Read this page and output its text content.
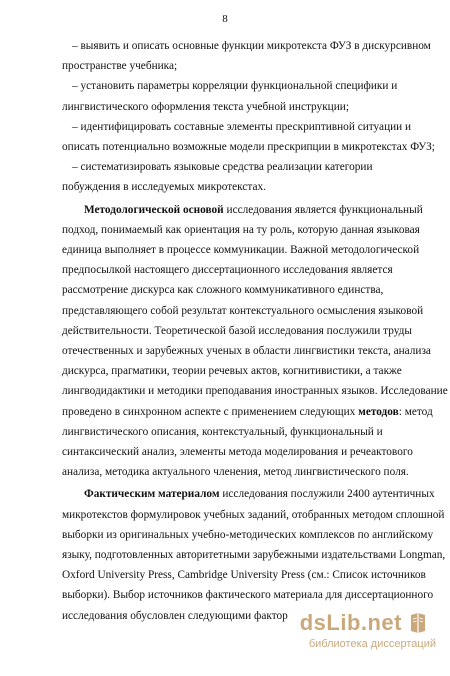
8

– выявить и описать основные функции микротекста ФУЗ в дискурсивном
пространстве учебника;

– установить параметры корреляции функциональной специфики и
лингвистического оформления текста учебной инструкции;

– идентифицировать составные элементы прескриптивной ситуации и
описать потенциально возможные модели прескрипции в микротекстах ФУЗ;

– систематизировать языковые средства реализации категории
побуждения в исследуемых микротекстах.

Методологической основой исследования является функциональный
подход, понимаемый как ориентация на ту роль, которую данная языковая
единица выполняет в процессе коммуникации. Важной методологической
предпосылкой настоящего диссертационного исследования является
рассмотрение дискурса как сложного коммуникативного единства,
представляющего собой результат контекстуального осмысления языковой
действительности. Теоретической базой исследования послужили труды
отечественных и зарубежных ученых в области лингвистики текста, анализа
дискурса, прагматики, теории речевых актов, когнитивистики, а также
лингводидактики и методики преподавания иностранных языков. Исследование
проведено в синхронном аспекте с применением следующих методов: метод
лингвистического описания, контекстуальный, функциональный и
синтаксический анализ, элементы метода моделирования и речеактового
анализа, методика актуального членения, метод лингвистического поля.

Фактическим материалом исследования послужили 2400 аутентичных
микротекстов формулировок учебных заданий, отобранных методом сплошной
выборки из оригинальных учебно-методических комплексов по английскому
языку, подготовленных авторитетными зарубежными издательствами Longman,
Oxford University Press, Cambridge University Press (см.: Список источников
выборки). Выбор источников фактического материала для диссертационного
исследования обусловлен следующими фактор dsLib.net
библиотека диссертаций
